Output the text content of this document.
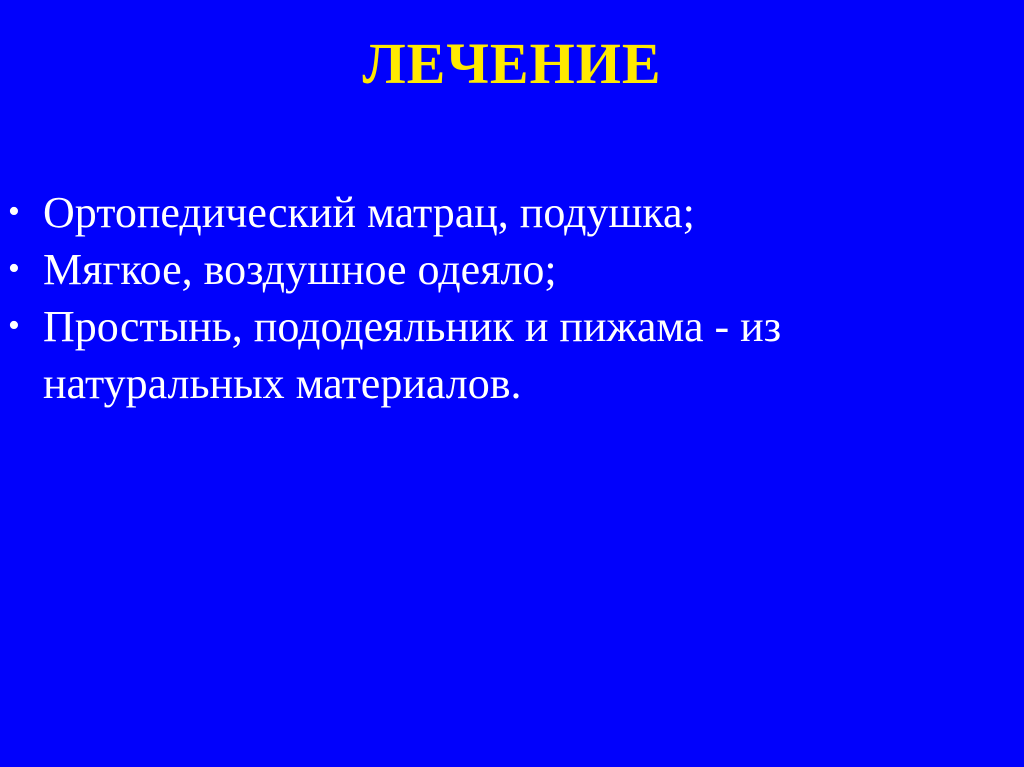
ЛЕЧЕНИЕ
• Ортопедический матрац, подушка;
• Мягкое, воздушное одеяло;
• Простынь, пододеяльник и пижама - из натуральных материалов.
